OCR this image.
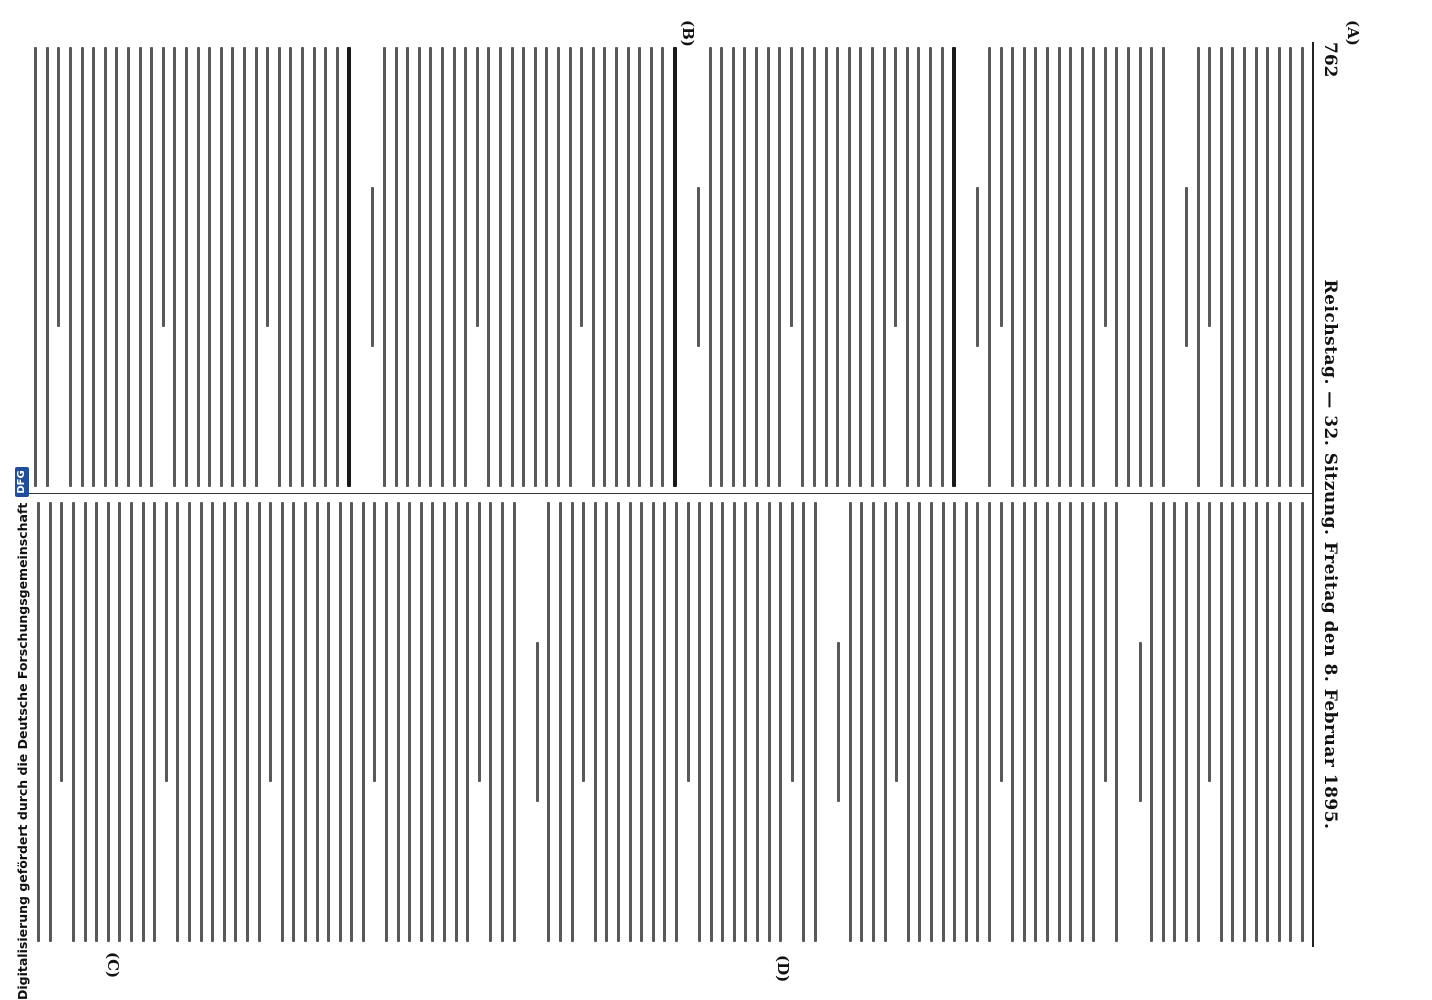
762
Reichstag. — 32. Sitzung. Freitag den 8. Februar 1895.
(A)
(B)
(C)	(D)
Digitalisierung gefördert durch die Deutsche Forschungsgemeinschaft
DFG
